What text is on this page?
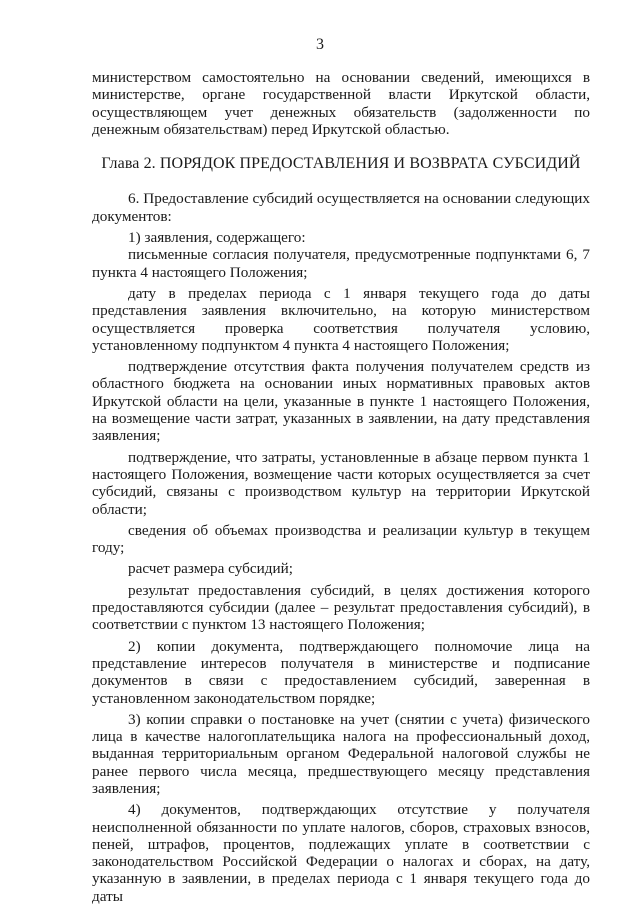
3

министерством самостоятельно на основании сведений, имеющихся в министерстве, органе государственной власти Иркутской области, осуществляющем учет денежных обязательств (задолженности по денежным обязательствам) перед Иркутской областью.

Глава 2. ПОРЯДОК ПРЕДОСТАВЛЕНИЯ И ВОЗВРАТА СУБСИДИЙ

6. Предоставление субсидий осуществляется на основании следующих документов:

1) заявления, содержащего:

письменные согласия получателя, предусмотренные подпунктами 6, 7 пункта 4 настоящего Положения;

дату в пределах периода с 1 января текущего года до даты представления заявления включительно, на которую министерством осуществляется проверка соответствия получателя условию, установленному подпунктом 4 пункта 4 настоящего Положения;

подтверждение отсутствия факта получения получателем средств из областного бюджета на основании иных нормативных правовых актов Иркутской области на цели, указанные в пункте 1 настоящего Положения, на возмещение части затрат, указанных в заявлении, на дату представления заявления;

подтверждение, что затраты, установленные в абзаце первом пункта 1 настоящего Положения, возмещение части которых осуществляется за счет субсидий, связаны с производством культур на территории Иркутской области;

сведения об объемах производства и реализации культур в текущем году;

расчет размера субсидий;

результат предоставления субсидий, в целях достижения которого предоставляются субсидии (далее – результат предоставления субсидий), в соответствии с пунктом 13 настоящего Положения;

2) копии документа, подтверждающего полномочие лица на представление интересов получателя в министерстве и подписание документов в связи с предоставлением субсидий, заверенная в установленном законодательством порядке;

3) копии справки о постановке на учет (снятии с учета) физического лица в качестве налогоплательщика налога на профессиональный доход, выданная территориальным органом Федеральной налоговой службы не ранее первого числа месяца, предшествующего месяцу представления заявления;

4) документов, подтверждающих отсутствие у получателя неисполненной обязанности по уплате налогов, сборов, страховых взносов, пеней, штрафов, процентов, подлежащих уплате в соответствии с законодательством Российской Федерации о налогах и сборах, на дату, указанную в заявлении, в пределах периода с 1 января текущего года до даты
